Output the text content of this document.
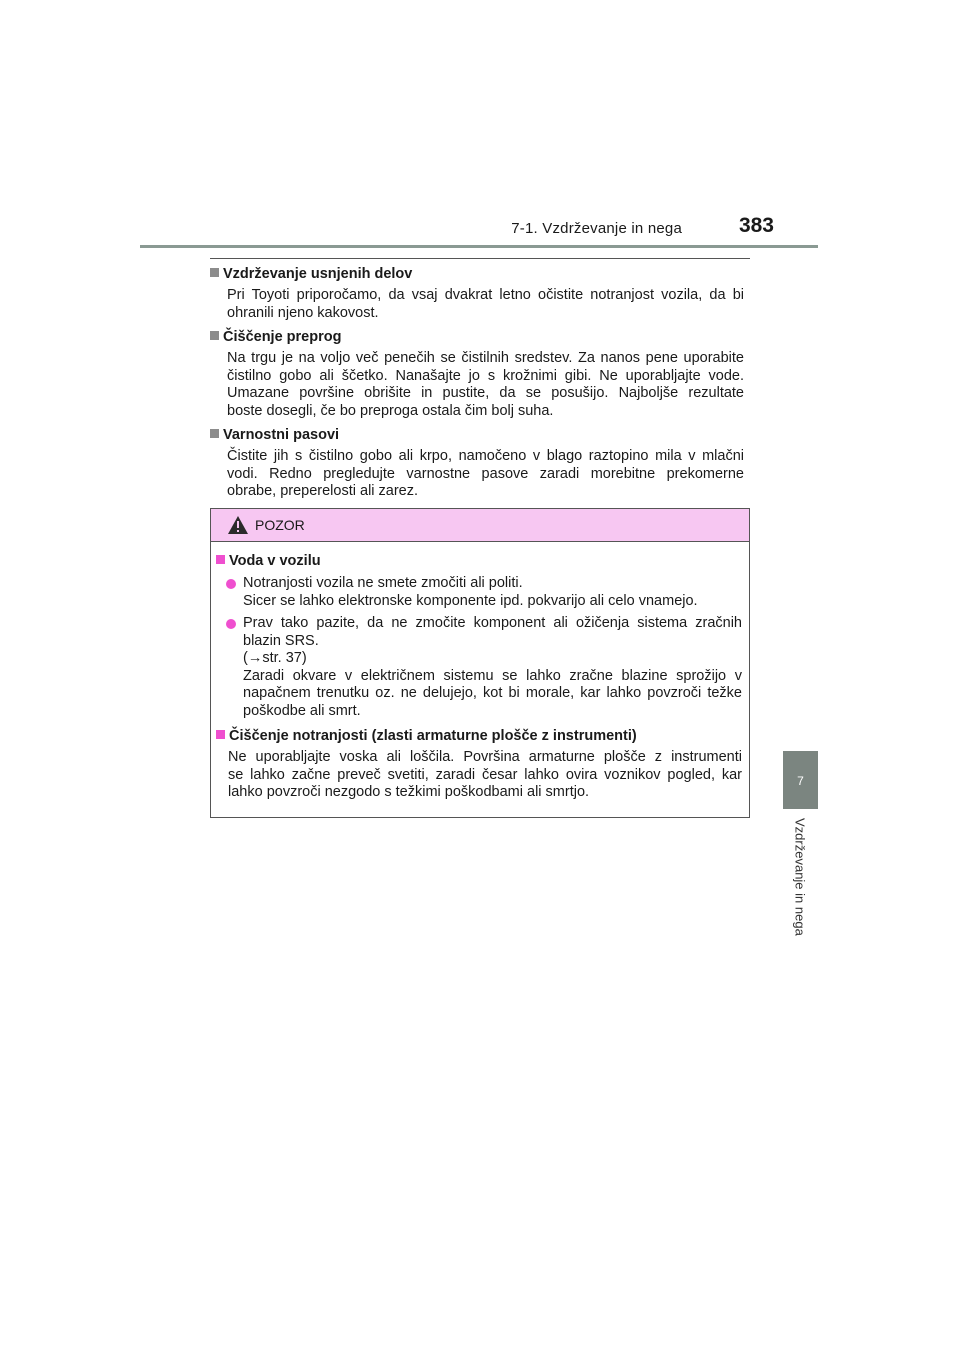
7-1. Vzdrževanje in nega	383
7
Vzdrževanje in nega
Vzdrževanje usnjenih delov
Pri Toyoti priporočamo, da vsaj dvakrat letno očistite notranjost vozila, da bi
ohranili njeno kakovost.
Čiščenje preprog
Na trgu je na voljo več penečih se čistilnih sredstev. Za nanos pene uporabite
čistilno gobo ali ščetko. Nanašajte jo s krožnimi gibi. Ne uporabljajte vode.
Umazane površine obrišite in pustite, da se posušijo. Najboljše rezultate
boste dosegli, če bo preproga ostala čim bolj suha.
Varnostni pasovi
Čistite jih s čistilno gobo ali krpo, namočeno v blago raztopino mila v mlačni
vodi. Redno pregledujte varnostne pasove zaradi morebitne prekomerne
obrabe, preperelosti ali zarez.
POZOR
Voda v vozilu
Notranjosti vozila ne smete zmočiti ali politi.
Sicer se lahko elektronske komponente ipd. pokvarijo ali celo vnamejo.
Prav tako pazite, da ne zmočite komponent ali ožičenja sistema zračnih
blazin SRS.
(→str. 37)
Zaradi okvare v električnem sistemu se lahko zračne blazine sprožijo v
napačnem trenutku oz. ne delujejo, kot bi morale, kar lahko povzroči težke
poškodbe ali smrt.
Čiščenje notranjosti (zlasti armaturne plošče z instrumenti)
Ne uporabljajte voska ali loščila. Površina armaturne plošče z instrumenti
se lahko začne preveč svetiti, zaradi česar lahko ovira voznikov pogled, kar
lahko povzroči nezgodo s težkimi poškodbami ali smrtjo.
